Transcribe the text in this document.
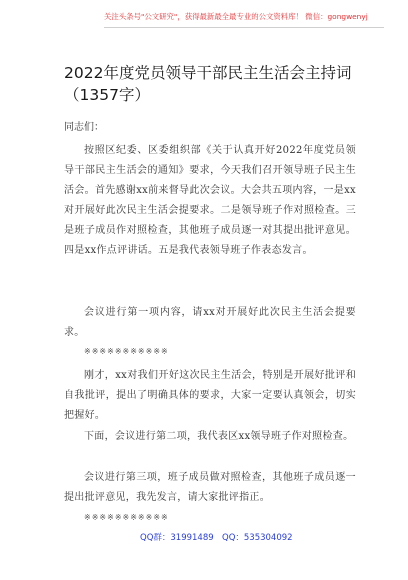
关注头条号"公文研究"，获得最新最全最专业的公文资料库！ 微信：gongwenyj
2022年度党员领导干部民主生活会主持词
（1357字）
同志们：
按照区纪委、区委组织部《关于认真开好2022年度党员领导干部民主生活会的通知》要求，今天我们召开领导班子民主生活会。首先感谢xx前来督导此次会议。大会共五项内容，一是xx对开展好此次民主生活会提要求。二是领导班子作对照检查。三是班子成员作对照检查，其他班子成员逐一对其提出批评意见。四是xx作点评讲话。五是我代表领导班子作表态发言。
会议进行第一项内容，请xx对开展好此次民主生活会提要求。
※※※※※※※※※※※
刚才，xx对我们开好这次民主生活会，特别是开展好批评和自我批评，提出了明确具体的要求，大家一定要认真领会，切实把握好。
下面，会议进行第二项，我代表区xx领导班子作对照检查。
会议进行第三项，班子成员做对照检查，其他班子成员逐一提出批评意见，我先发言，请大家批评指正。
※※※※※※※※※※※
QQ群：31991489 QQ：535304092
